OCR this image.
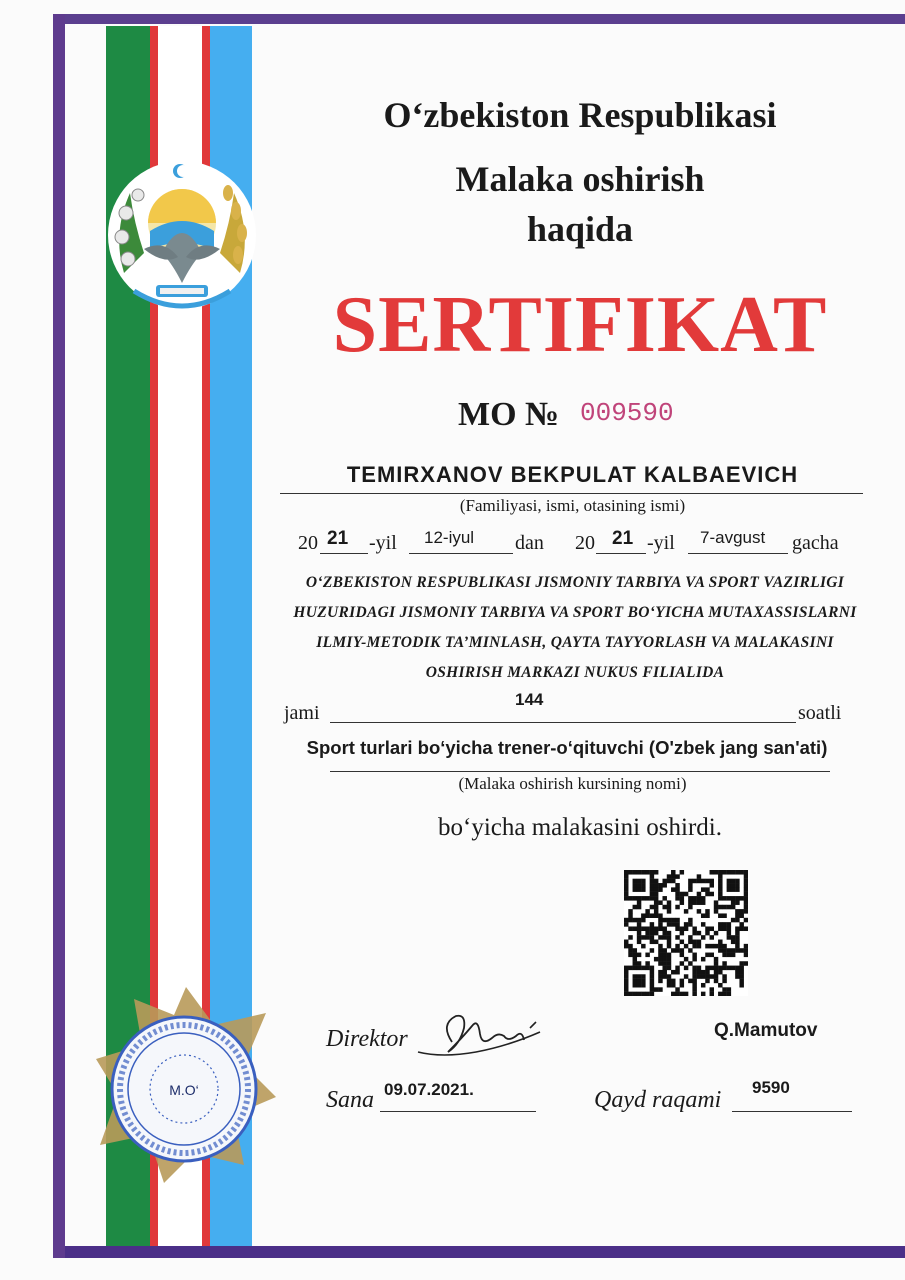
O‘zbekiston Respublikasi
Malaka oshirish
haqida
SERTIFIKAT
MO № 009590
TEMIRXANOV BEKPULAT KALBAEVICH
(Familiyasi, ismi, otasining ismi)
20 21 -yil 12-iyul dan 20 21 -yil 7-avgust gacha
O‘ZBEKISTON RESPUBLIKASI JISMONIY TARBIYA VA SPORT VAZIRLIGI
HUZURIDAGI JISMONIY TARBIYA VA SPORT BO‘YICHA MUTAXASSISLARNI
ILMIY-METODIK TA’MINLASH, QAYTA TAYYORLASH VA MALAKASINI
OSHIRISH MARKAZI NUKUS FILIALIDA
jami
144
soatli
Sport turlari bo‘yicha trener-o‘qituvchi (O'zbek jang san'ati)
(Malaka oshirish kursining nomi)
bo‘yicha malakasini oshirdi.
Direktor	Q.Mamutov
Sana 09.07.2021.	Qayd raqami 9590
M.O‘
